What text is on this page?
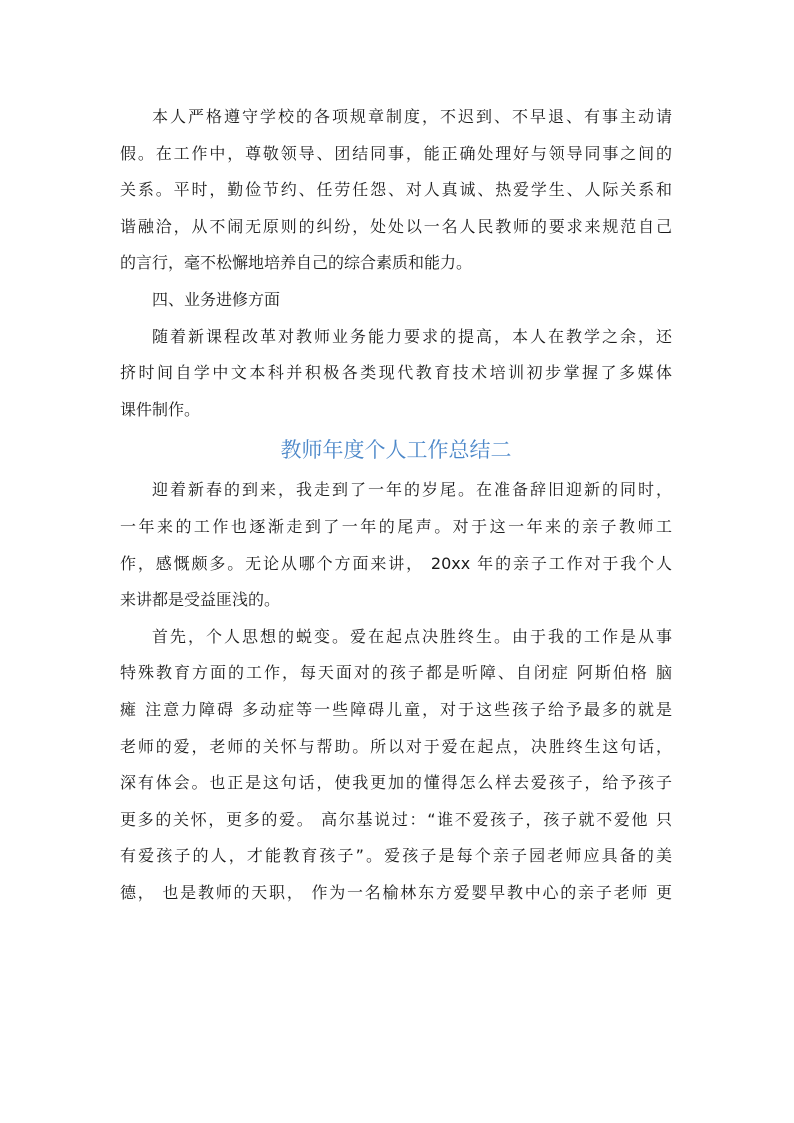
本人严格遵守学校的各项规章制度，不迟到、不早退、有事主动请
假。在工作中，尊敬领导、团结同事，能正确处理好与领导同事之间的
关系。平时，勤俭节约、任劳任怨、对人真诚、热爱学生、人际关系和
谐融洽，从不闹无原则的纠纷，处处以一名人民教师的要求来规范自己
的言行，毫不松懈地培养自己的综合素质和能力。
四、业务进修方面
随着新课程改革对教师业务能力要求的提高，本人在教学之余，还
挤时间自学中文本科并积极各类现代教育技术培训初步掌握了多媒体
课件制作。
教师年度个人工作总结二
迎着新春的到来，我走到了一年的岁尾。在准备辞旧迎新的同时，
一年来的工作也逐渐走到了一年的尾声。对于这一年来的亲子教师工
作，感慨颇多。无论从哪个方面来讲， 20xx 年的亲子工作对于我个人
来讲都是受益匪浅的。
首先，个人思想的蜕变。爱在起点决胜终生。由于我的工作是从事
特殊教育方面的工作，每天面对的孩子都是听障、自闭症 阿斯伯格 脑
瘫 注意力障碍 多动症等一些障碍儿童，对于这些孩子给予最多的就是
老师的爱，老师的关怀与帮助。所以对于爱在起点，决胜终生这句话，
深有体会。也正是这句话，使我更加的懂得怎么样去爱孩子，给予孩子
更多的关怀，更多的爱。 高尔基说过：“谁不爱孩子，孩子就不爱他 只
有爱孩子的人，才能教育孩子”。爱孩子是每个亲子园老师应具备的美
德， 也是教师的天职， 作为一名榆林东方爱婴早教中心的亲子老师 更
